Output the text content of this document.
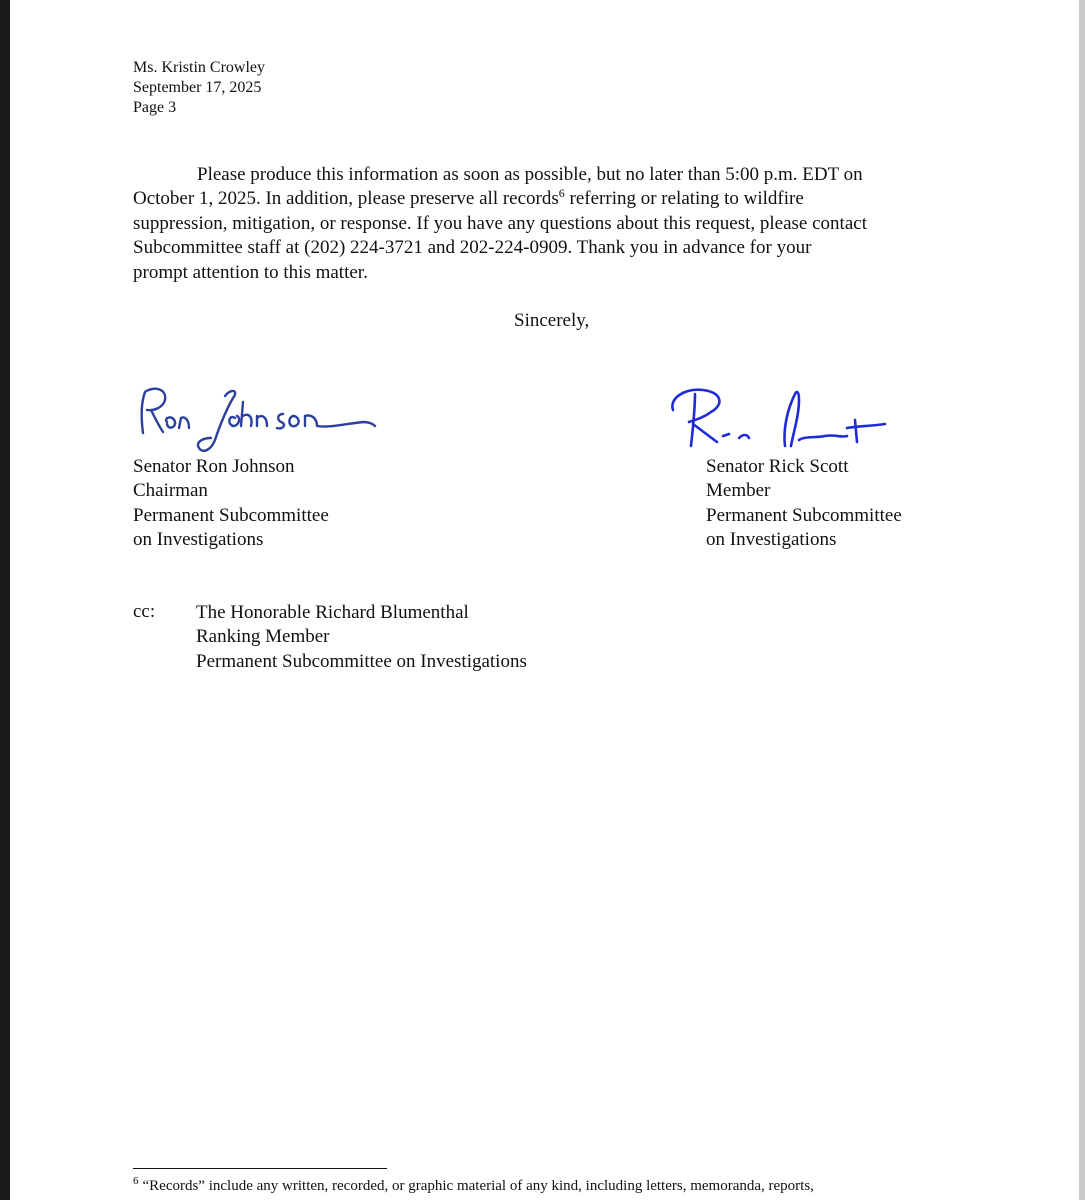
Ms. Kristin Crowley
September 17, 2025
Page 3
Please produce this information as soon as possible, but no later than 5:00 p.m. EDT on
October 1, 2025. In addition, please preserve all records$^6$ referring or relating to wildfire
suppression, mitigation, or response. If you have any questions about this request, please contact
Subcommittee staff at (202) 224-3721 and 202-224-0909. Thank you in advance for your
prompt attention to this matter.
Sincerely,
Senator Ron Johnson
Chairman
Permanent Subcommittee
on Investigations
Senator Rick Scott
Member
Permanent Subcommittee
on Investigations
cc: The Honorable Richard Blumenthal
Ranking Member
Permanent Subcommittee on Investigations
$^6$ “Records” include any written, recorded, or graphic material of any kind, including letters, memoranda, reports,
